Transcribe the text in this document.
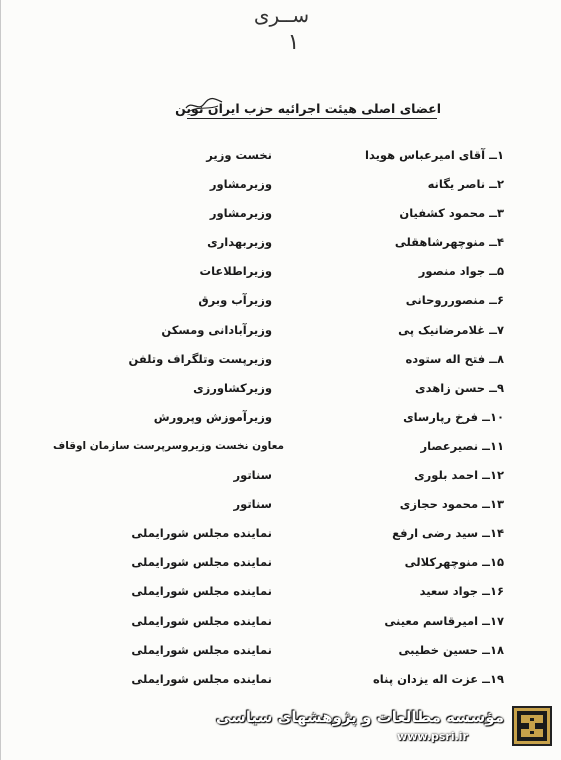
ســری
۱
اعضای اصلی هیئت اجرائیه حزب ایران نوین
۱ــ آقای امیرعباس هویدا
نخست وزیر
۲ــ ناصر یگانه
وزیرمشاور
۳ــ محمود کشفیان
وزیرمشاور
۴ــ منوچهرشاهقلی
وزیربهداری
۵ــ جواد منصور
وزیراطلاعات
۶ــ منصورروحانی
وزیرآب وبرق
۷ــ غلامرضانیک پی
وزیرآبادانی ومسکن
۸ــ فتح اله ستوده
وزیرپست وتلگراف وتلفن
۹ــ حسن زاهدی
وزیرکشاورزی
۱۰ــ فرخ رپارسای
وزیرآموزش وپرورش
۱۱ــ نصیرعصار
معاون نخست وزیروسرپرست سازمان اوقاف
۱۲ــ احمد بلوری
سناتور
۱۳ــ محمود حجازی
سناتور
۱۴ــ سید رضی ارفع
نماینده مجلس شورایملی
۱۵ــ منوچهرکلالی
نماینده مجلس شورایملی
۱۶ــ جواد سعید
نماینده مجلس شورایملی
۱۷ــ امیرقاسم معینی
نماینده مجلس شورایملی
۱۸ــ حسین خطیبی
نماینده مجلس شورایملی
۱۹ــ عزت اله یزدان پناه
نماینده مجلس شورایملی
مؤسسه مطالعات و پژوهشهای سیاسی
www.psri.ir
